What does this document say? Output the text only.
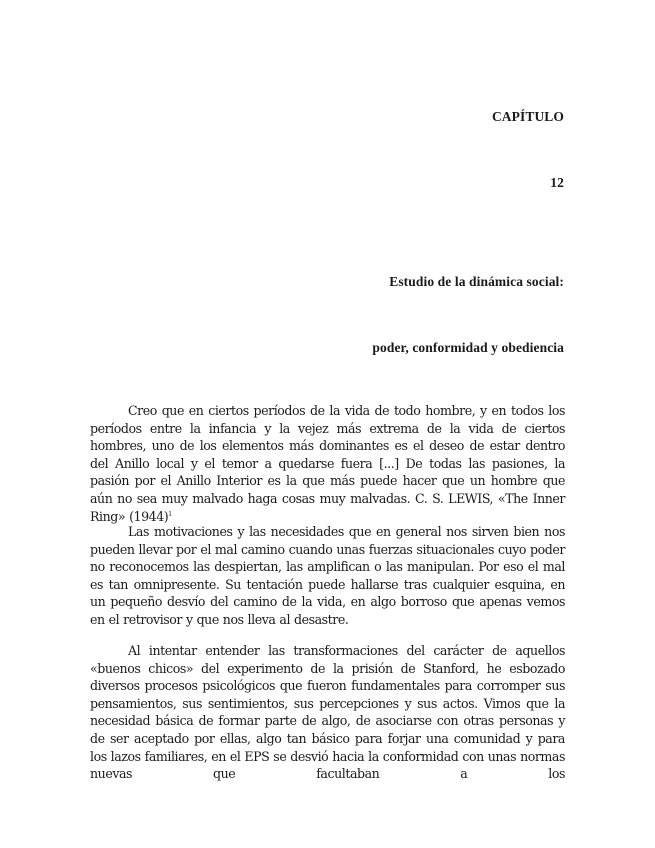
CAPÍTULO
12
Estudio de la dinámica social:
poder, conformidad y obediencia

Creo que en ciertos períodos de la vida de todo hombre, y en todos los períodos entre la infancia y la vejez más extrema de la vida de ciertos hombres, uno de los elementos más dominantes es el deseo de estar dentro del Anillo local y el temor a quedarse fuera [...] De todas las pasiones, la pasión por el Anillo Interior es la que más puede hacer que un hombre que aún no sea muy malvado haga cosas muy malvadas. C. S. LEWIS, «The Inner Ring» (1944)$^1$

Las motivaciones y las necesidades que en general nos sirven bien nos pueden llevar por el mal camino cuando unas fuerzas situacionales cuyo poder no reconocemos las despiertan, las amplifican o las manipulan. Por eso el mal es tan omnipresente. Su tentación puede hallarse tras cualquier esquina, en un pequeño desvío del camino de la vida, en algo borroso que apenas vemos en el retrovisor y que nos lleva al desastre.

Al intentar entender las transformaciones del carácter de aquellos «buenos chicos» del experimento de la prisión de Stanford, he esbozado diversos procesos psicológicos que fueron fundamentales para corromper sus pensamientos, sus sentimientos, sus percepciones y sus actos. Vimos que la necesidad básica de formar parte de algo, de asociarse con otras personas y de ser aceptado por ellas, algo tan básico para forjar una comunidad y para los lazos familiares, en el EPS se desvió hacia la conformidad con unas normas nuevas que facultaban a los
